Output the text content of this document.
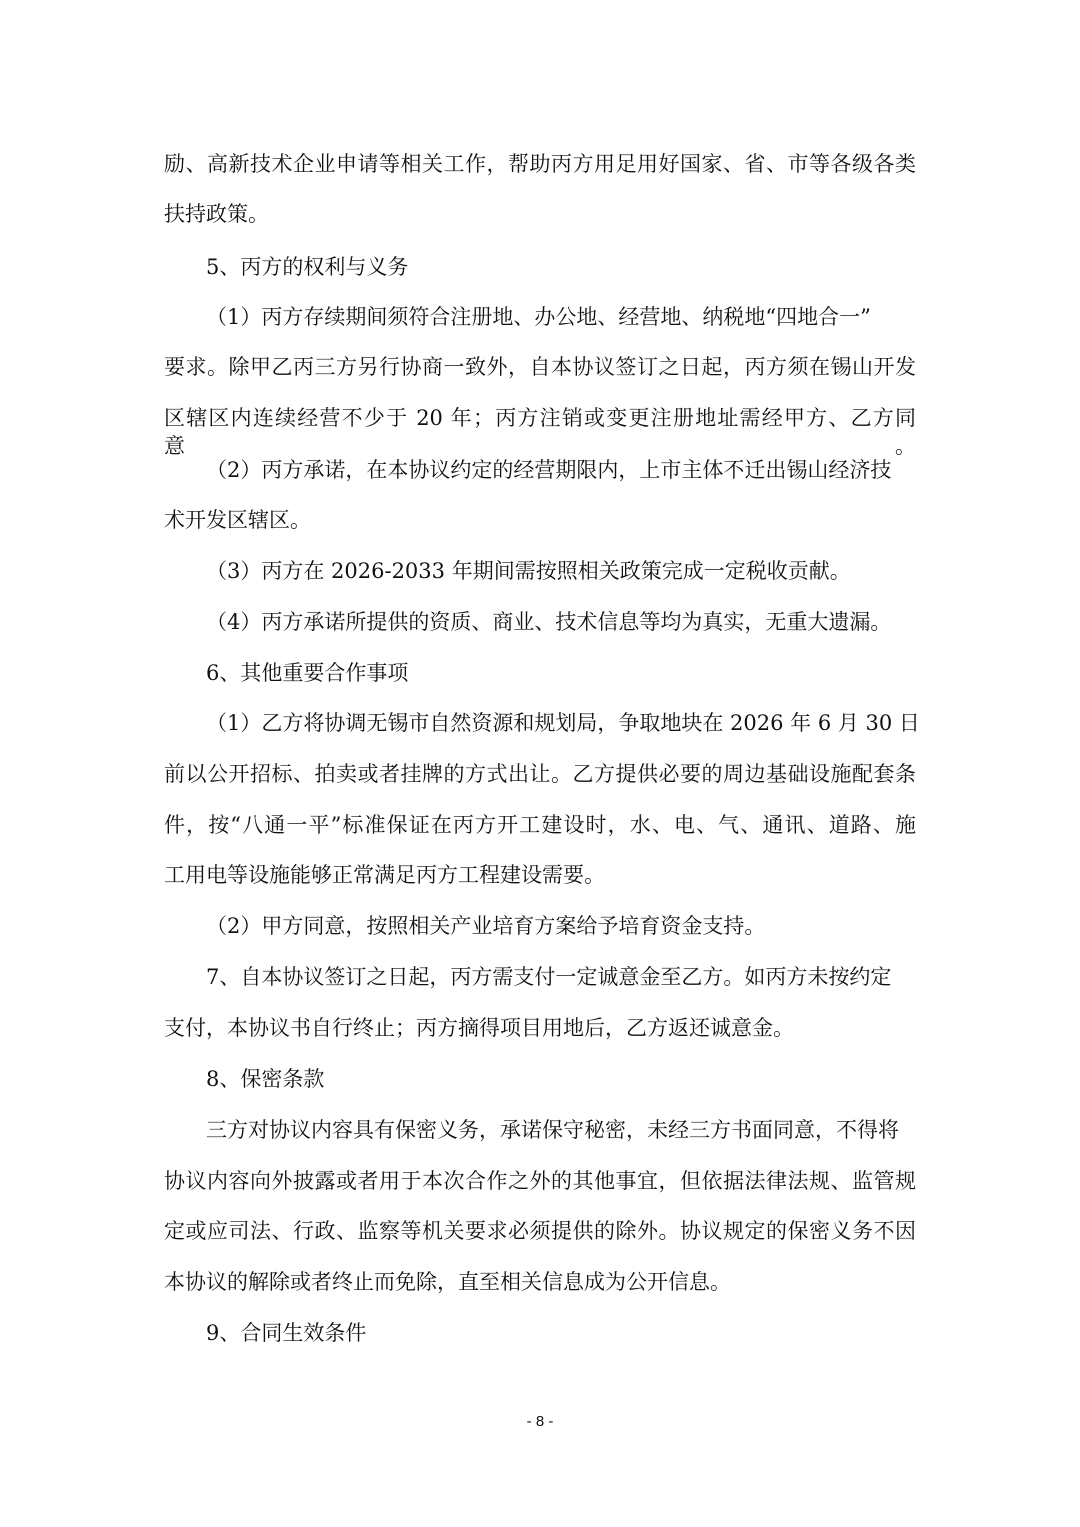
励、高新技术企业申请等相关工作，帮助丙方用足用好国家、省、市等各级各类

扶持政策。

5、丙方的权利与义务

（1）丙方存续期间须符合注册地、办公地、经营地、纳税地“四地合一”

要求。除甲乙丙三方另行协商一致外，自本协议签订之日起，丙方须在锡山开发

区辖区内连续经营不少于 20 年；丙方注销或变更注册地址需经甲方、乙方同意。

（2）丙方承诺，在本协议约定的经营期限内，上市主体不迁出锡山经济技

术开发区辖区。

（3）丙方在 2026-2033 年期间需按照相关政策完成一定税收贡献。

（4）丙方承诺所提供的资质、商业、技术信息等均为真实，无重大遗漏。

6、其他重要合作事项

（1）乙方将协调无锡市自然资源和规划局，争取地块在 2026 年 6 月 30 日

前以公开招标、拍卖或者挂牌的方式出让。乙方提供必要的周边基础设施配套条

件，按“八通一平”标准保证在丙方开工建设时，水、电、气、通讯、道路、施

工用电等设施能够正常满足丙方工程建设需要。

（2）甲方同意，按照相关产业培育方案给予培育资金支持。

7、自本协议签订之日起，丙方需支付一定诚意金至乙方。如丙方未按约定

支付，本协议书自行终止；丙方摘得项目用地后，乙方返还诚意金。

8、保密条款

三方对协议内容具有保密义务，承诺保守秘密，未经三方书面同意，不得将

协议内容向外披露或者用于本次合作之外的其他事宜，但依据法律法规、监管规

定或应司法、行政、监察等机关要求必须提供的除外。协议规定的保密义务不因

本协议的解除或者终止而免除，直至相关信息成为公开信息。

9、合同生效条件

- 8 -
